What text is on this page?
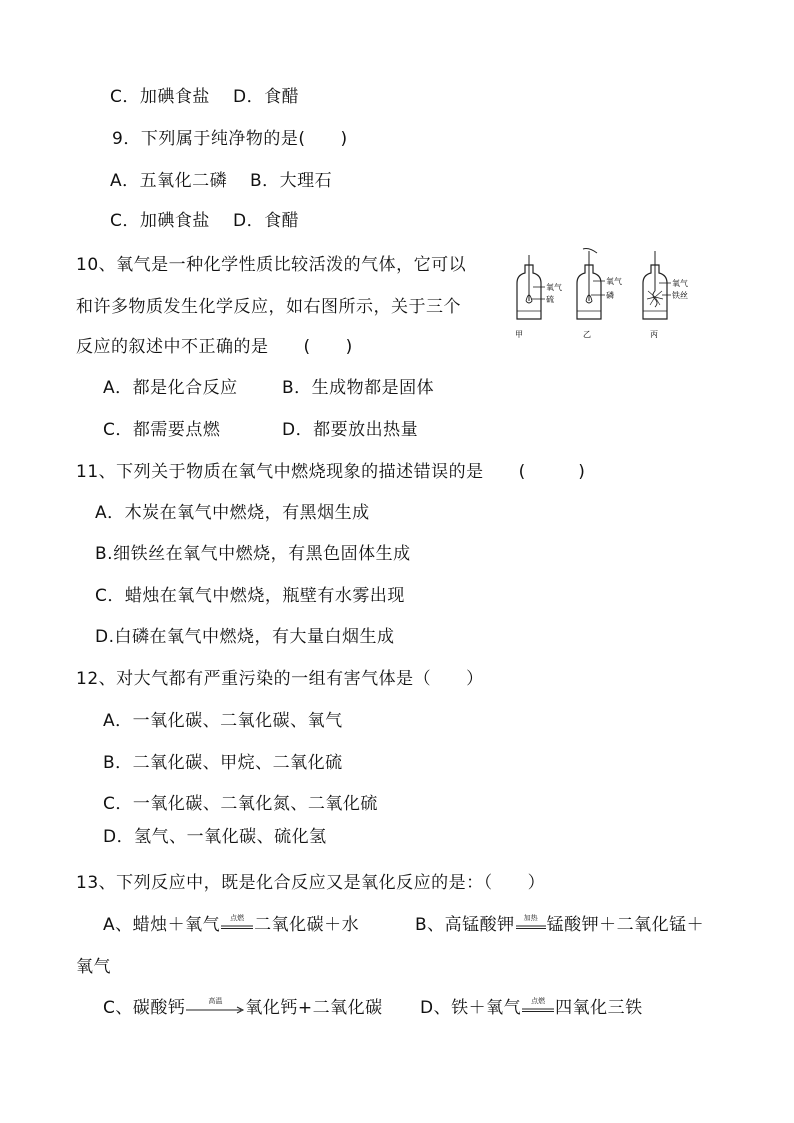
C．加碘食盐 D．食醋
9．下列属于纯净物的是(　　)
A．五氧化二磷 B．大理石
C．加碘食盐 D．食醋
10、氧气是一种化学性质比较活泼的气体，它可以
和许多物质发生化学反应，如右图所示，关于三个
反应的叙述中不正确的是　　(　　)
氧气
硫
甲
氧气
磷
乙
氧气
铁丝
丙
A．都是化合反应	B．生成物都是固体
C．都需要点燃	D．都要放出热量
11、下列关于物质在氧气中燃烧现象的描述错误的是　　(　　　)
A．木炭在氧气中燃烧，有黑烟生成
B.细铁丝在氧气中燃烧，有黑色固体生成
C．蜡烛在氧气中燃烧，瓶壁有水雾出现
D.白磷在氧气中燃烧，有大量白烟生成
12、对大气都有严重污染的一组有害气体是（　　）
A．一氧化碳、二氧化碳、氧气
B．二氧化碳、甲烷、二氧化硫
C．一氧化碳、二氧化氮、二氧化硫
D．氢气、一氧化碳、硫化氢
13、下列反应中，既是化合反应又是氧化反应的是：（　　）
A、蜡烛＋氧气	点燃 二氧化碳＋水	B、高锰酸钾	加热 锰酸钾＋二氧化锰＋
氧气
C、碳酸钙	高温	氧化钙+二氧化碳 D、铁＋氧气	点燃 四氧化三铁
